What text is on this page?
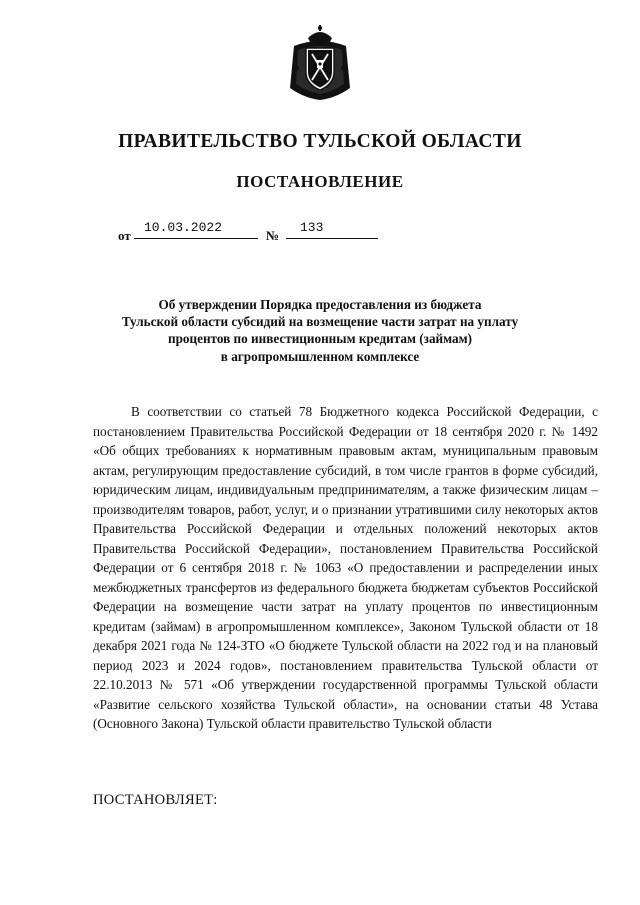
ПРАВИТЕЛЬСТВО ТУЛЬСКОЙ ОБЛАСТИ
ПОСТАНОВЛЕНИЕ
от
10.03.2022
№
133
Об утверждении Порядка предоставления из бюджета
Тульской области субсидий на возмещение части затрат на уплату
процентов по инвестиционным кредитам (займам)
в агропромышленном комплексе

В соответствии со статьей 78 Бюджетного кодекса Российской Федерации, с постановлением Правительства Российской Федерации от 18 сентября 2020 г. № 1492 «Об общих требованиях к нормативным правовым актам, муниципальным правовым актам, регулирующим предоставление субсидий, в том числе грантов в форме субсидий, юридическим лицам, индивидуальным предпринимателям, а также физическим лицам – производителям товаров, работ, услуг, и о признании утратившими силу некоторых актов Правительства Российской Федерации и отдельных положений некоторых актов Правительства Российской Федерации», постановлением Правительства Российской Федерации от 6 сентября 2018 г. № 1063 «О предоставлении и распределении иных межбюджетных трансфертов из федерального бюджета бюджетам субъектов Российской Федерации на возмещение части затрат на уплату процентов по инвестиционным кредитам (займам) в агропромышленном комплексе», Законом Тульской области от 18 декабря 2021 года № 124-ЗТО «О бюджете Тульской области на 2022 год и на плановый период 2023 и 2024 годов», постановлением правительства Тульской области от 22.10.2013 № 571 «Об утверждении государственной программы Тульской области «Развитие сельского хозяйства Тульской области», на основании статьи 48 Устава (Основного Закона) Тульской области правительство Тульской области

ПОСТАНОВЛЯЕТ:
